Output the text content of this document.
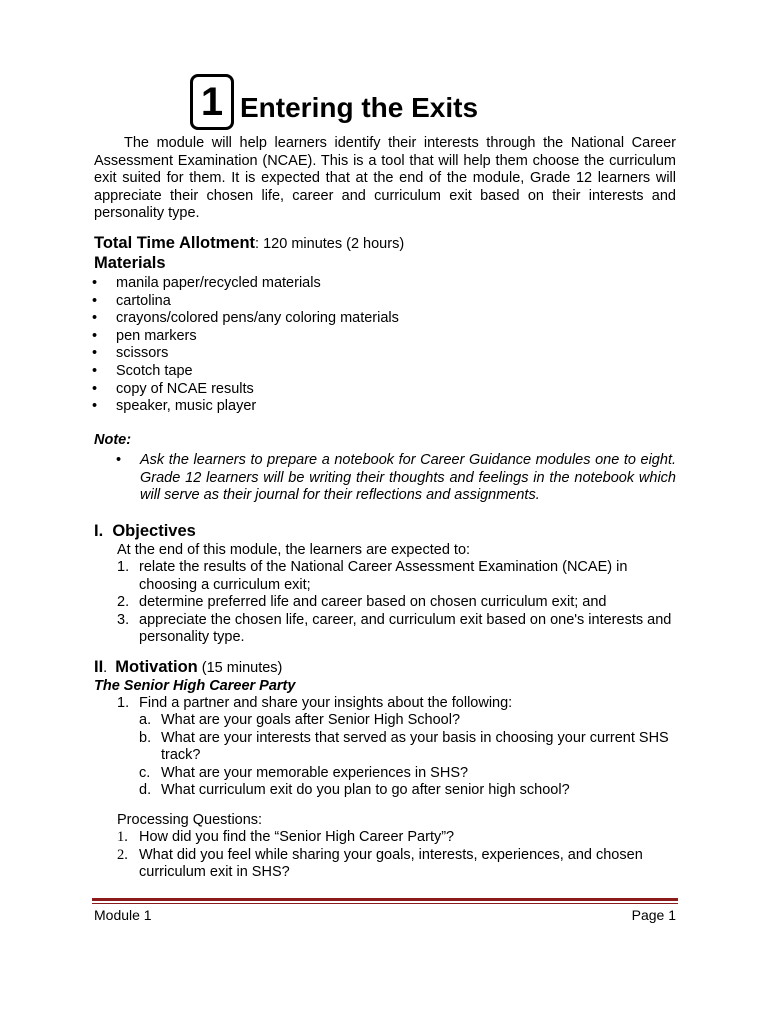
1 Entering the Exits

The module will help learners identify their interests through the National Career Assessment Examination (NCAE). This is a tool that will help them choose the curriculum exit suited for them. It is expected that at the end of the module, Grade 12 learners will appreciate their chosen life, career and curriculum exit based on their interests and personality type.

Total Time Allotment: 120 minutes (2 hours)
Materials
• manila paper/recycled materials
• cartolina
• crayons/colored pens/any coloring materials
• pen markers
• scissors
• Scotch tape
• copy of NCAE results
• speaker, music player
Note:
• Ask the learners to prepare a notebook for Career Guidance modules one to eight. Grade 12 learners will be writing their thoughts and feelings in the notebook which will serve as their journal for their reflections and assignments.
I. Objectives
At the end of this module, the learners are expected to:
1. relate the results of the National Career Assessment Examination (NCAE) in choosing a curriculum exit;
2. determine preferred life and career based on chosen curriculum exit; and
3. appreciate the chosen life, career, and curriculum exit based on one's interests and personality type.
II. Motivation (15 minutes)
The Senior High Career Party
1. Find a partner and share your insights about the following:
a. What are your goals after Senior High School?
b. What are your interests that served as your basis in choosing your current SHS track?
c. What are your memorable experiences in SHS?
d. What curriculum exit do you plan to go after senior high school?
Processing Questions:
1. How did you find the “Senior High Career Party”?
2. What did you feel while sharing your goals, interests, experiences, and chosen curriculum exit in SHS?
Module 1	Page 1
